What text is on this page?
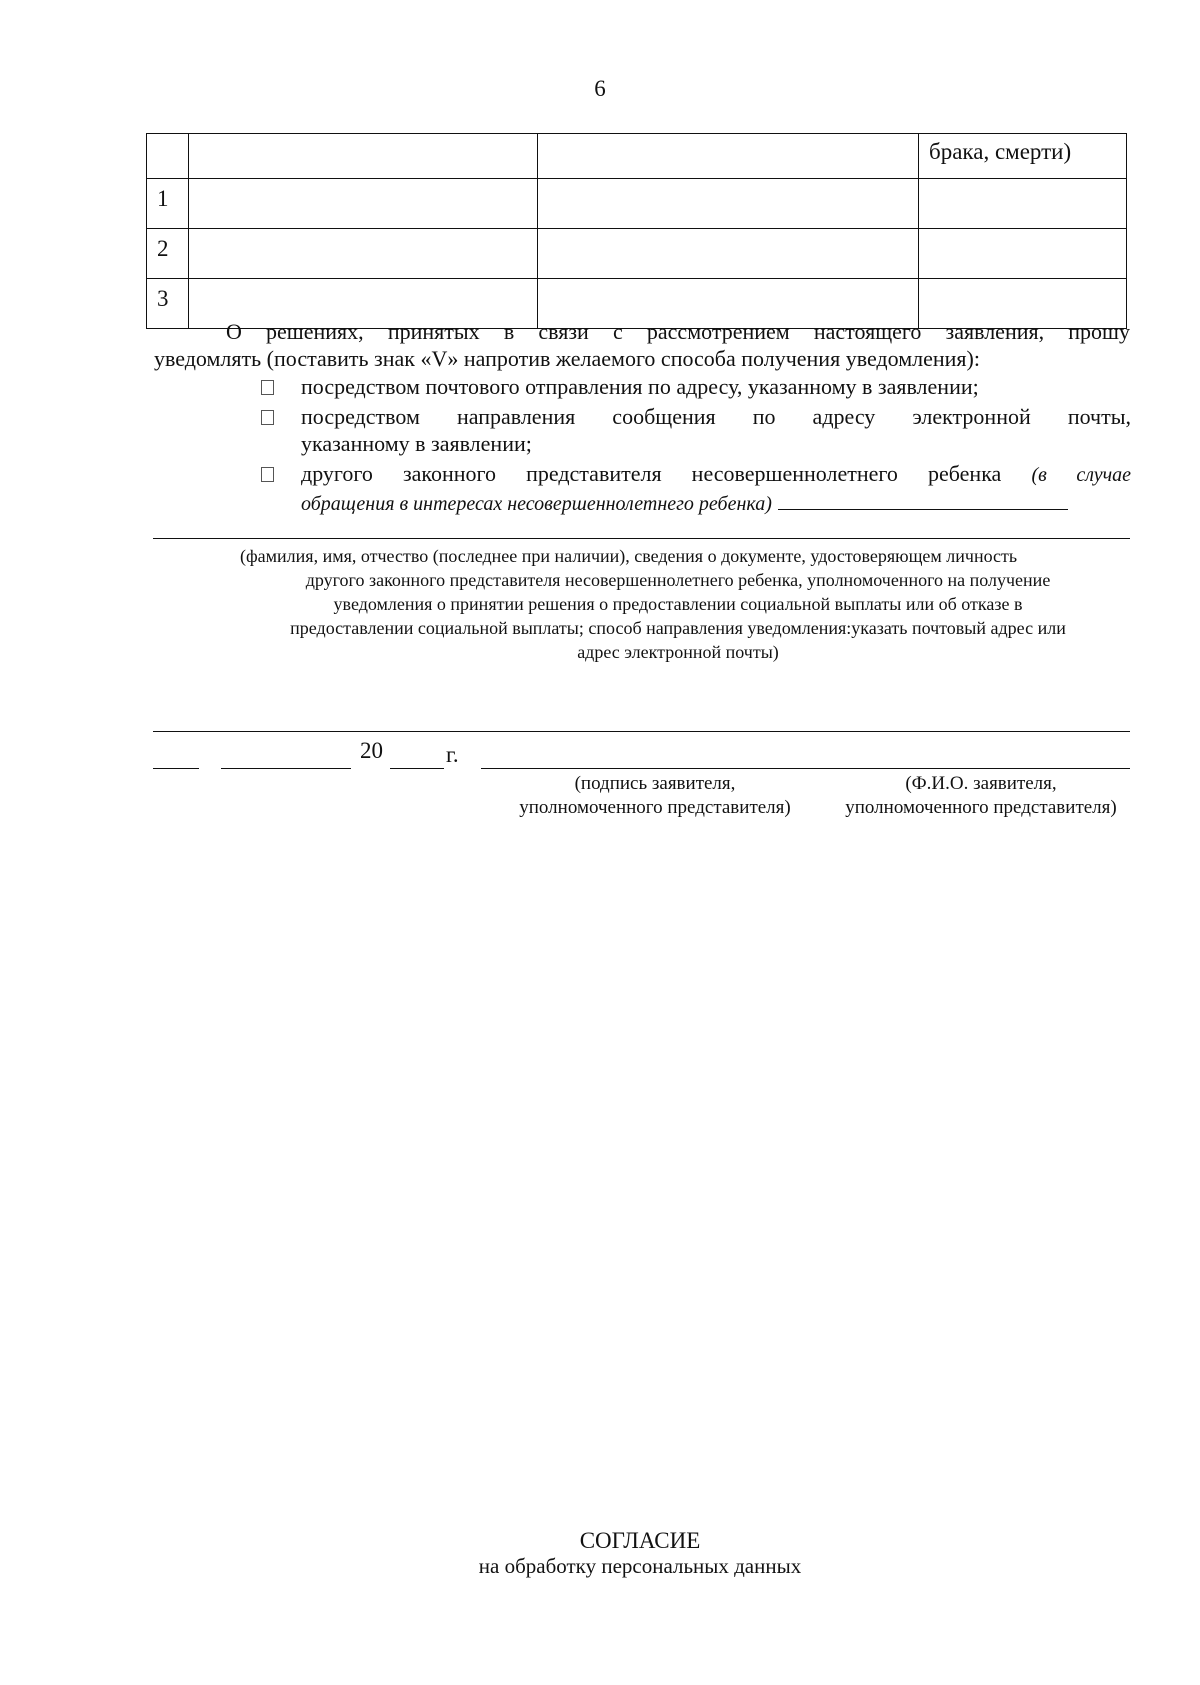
6
			брака, смерти)
1			
2			
3			
О решениях, принятых в связи с рассмотрением настоящего заявления, прошу
уведомлять (поставить знак «V» напротив желаемого способа получения уведомления):
посредством почтового отправления по адресу, указанному в заявлении;
посредством направления сообщения по адресу электронной почты,
указанному в заявлении;
другого законного представителя несовершеннолетнего ребенка (в случае
обращения в интересах несовершеннолетнего ребенка)
(фамилия, имя, отчество (последнее при наличии), сведения о документе, удостоверяющем личность
другого законного представителя несовершеннолетнего ребенка, уполномоченного на получение
уведомления о принятии решения о предоставлении социальной выплаты или об отказе в
предоставлении социальной выплаты; способ направления уведомления:указать почтовый адрес или
адрес электронной почты)
20	г.
(подпись заявителя,
уполномоченного представителя)
(Ф.И.О. заявителя,
уполномоченного представителя)
СОГЛАСИЕ
на обработку персональных данных
